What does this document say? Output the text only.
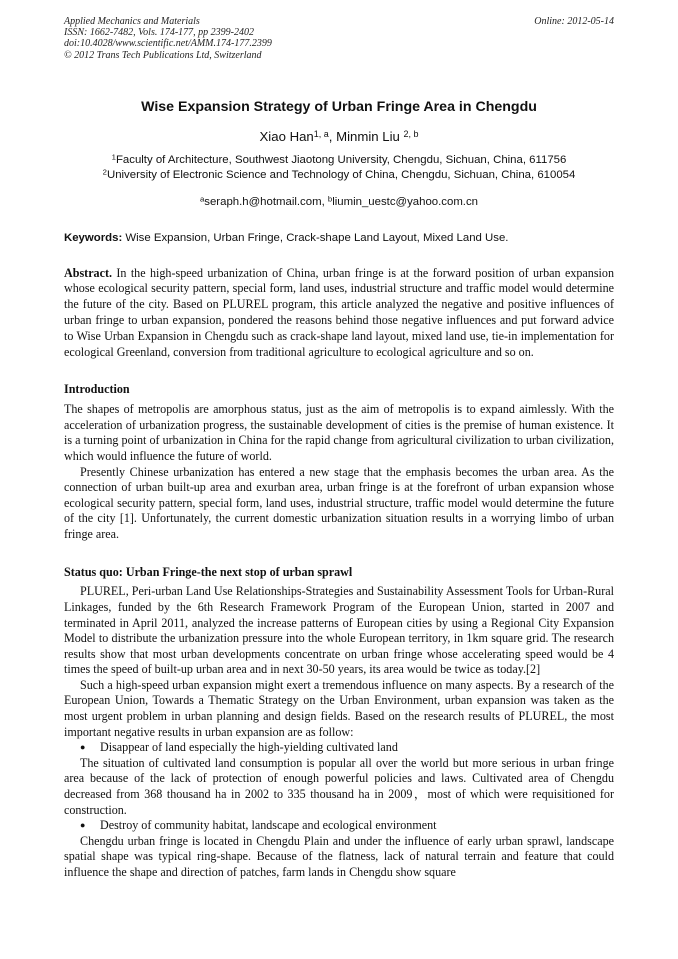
Applied Mechanics and Materials
ISSN: 1662-7482, Vols. 174-177, pp 2399-2402
doi:10.4028/www.scientific.net/AMM.174-177.2399
© 2012 Trans Tech Publications Ltd, Switzerland
Online: 2012-05-14
Wise Expansion Strategy of Urban Fringe Area in Chengdu
Xiao Han$^{1, a}$, Minmin Liu $^{2, b}$
$^1$Faculty of Architecture, Southwest Jiaotong University, Chengdu, Sichuan, China, 611756
$^2$University of Electronic Science and Technology of China, Chengdu, Sichuan, China, 610054
$^a$seraph.h@hotmail.com, $^b$liumin_uestc@yahoo.com.cn
Keywords: Wise Expansion, Urban Fringe, Crack-shape Land Layout, Mixed Land Use.
Abstract. In the high-speed urbanization of China, urban fringe is at the forward position of urban expansion whose ecological security pattern, special form, land uses, industrial structure and traffic model would determine the future of the city. Based on PLUREL program, this article analyzed the negative and positive influences of urban fringe to urban expansion, pondered the reasons behind those negative influences and put forward advice to Wise Urban Expansion in Chengdu such as crack-shape land layout, mixed land use, tie-in implementation for ecological Greenland, conversion from traditional agriculture to ecological agriculture and so on.
Introduction

The shapes of metropolis are amorphous status, just as the aim of metropolis is to expand aimlessly. With the acceleration of urbanization progress, the sustainable development of cities is the premise of human existence. It is a turning point of urbanization in China for the rapid change from agricultural civilization to urban civilization, which would influence the future of world.

Presently Chinese urbanization has entered a new stage that the emphasis becomes the urban area. As the connection of urban built-up area and exurban area, urban fringe is at the forefront of urban expansion whose ecological security pattern, special form, land uses, industrial structure, traffic model would determine the future of the city [1]. Unfortunately, the current domestic urbanization situation results in a worrying limbo of urban fringe area.

Status quo: Urban Fringe-the next stop of urban sprawl

PLUREL, Peri-urban Land Use Relationships-Strategies and Sustainability Assessment Tools for Urban-Rural Linkages, funded by the 6th Research Framework Program of the European Union, started in 2007 and terminated in April 2011, analyzed the increase patterns of European cities by using a Regional City Expansion Model to distribute the urbanization pressure into the whole European territory, in 1km square grid. The research results show that most urban developments concentrate on urban fringe whose accelerating speed would be 4 times the speed of built-up urban area and in next 30-50 years, its area would be twice as today.[2]

Such a high-speed urban expansion might exert a tremendous influence on many aspects. By a research of the European Union, Towards a Thematic Strategy on the Urban Environment, urban expansion was taken as the most urgent problem in urban planning and design fields. Based on the research results of PLUREL, the most important negative results in urban expansion are as follow:

● Disappear of land especially the high-yielding cultivated land

The situation of cultivated land consumption is popular all over the world but more serious in urban fringe area because of the lack of protection of enough powerful policies and laws. Cultivated area of Chengdu decreased from 368 thousand ha in 2002 to 335 thousand ha in 2009，most of which were requisitioned for construction.

● Destroy of community habitat, landscape and ecological environment

Chengdu urban fringe is located in Chengdu Plain and under the influence of early urban sprawl, landscape spatial shape was typical ring-shape. Because of the flatness, lack of natural terrain and feature that could influence the shape and direction of patches, farm lands in Chengdu show square
